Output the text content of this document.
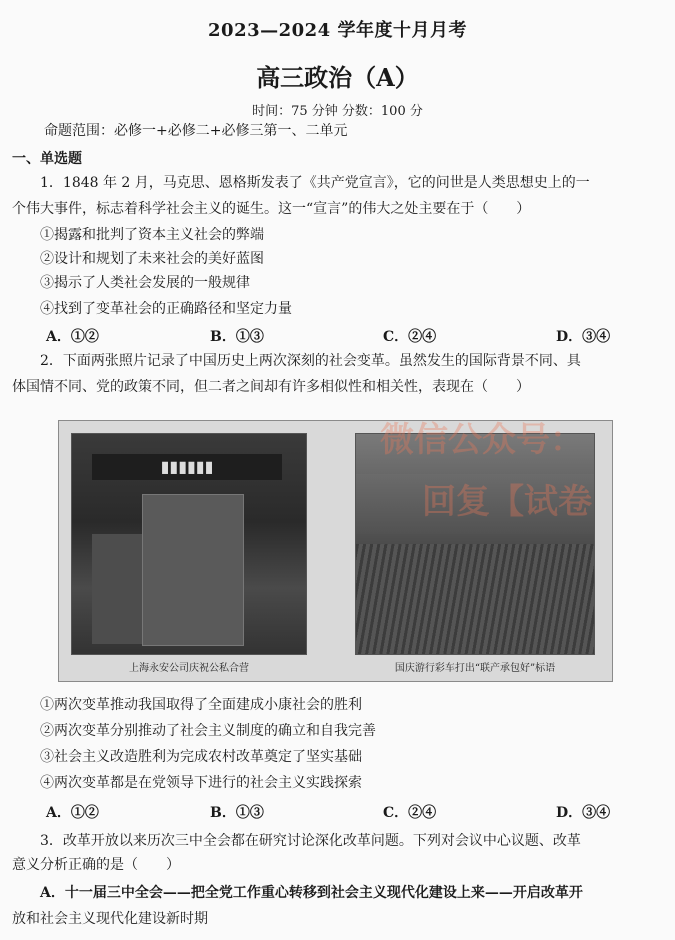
2023—2024 学年度十月月考
高三政治（A）
时间：75 分钟 分数：100 分
命题范围：必修一+必修二+必修三第一、二单元
一、单选题
1．1848 年 2 月，马克思、恩格斯发表了《共产党宣言》，它的问世是人类思想史上的一
个伟大事件，标志着科学社会主义的诞生。这一“宣言”的伟大之处主要在于（　　）
①揭露和批判了资本主义社会的弊端
②设计和规划了未来社会的美好蓝图
③揭示了人类社会发展的一般规律
④找到了变革社会的正确路径和坚定力量
A．①②	B．①③	C．②④	D．③④
2．下面两张照片记录了中国历史上两次深刻的社会变革。虽然发生的国际背景不同、具
体国情不同、党的政策不同，但二者之间却有许多相似性和相关性，表现在（　　）
▮▮▮▮▮▮
上海永安公司庆祝公私合营	国庆游行彩车打出“联产承包好”标语
微信公众号：
回复【试卷
①两次变革推动我国取得了全面建成小康社会的胜利
②两次变革分别推动了社会主义制度的确立和自我完善
③社会主义改造胜利为完成农村改革奠定了坚实基础
④两次变革都是在党领导下进行的社会主义实践探索
A．①②	B．①③	C．②④	D．③④
3．改革开放以来历次三中全会都在研究讨论深化改革问题。下列对会议中心议题、改革
意义分析正确的是（　　）
A．十一届三中全会——把全党工作重心转移到社会主义现代化建设上来——开启改革开
放和社会主义现代化建设新时期
